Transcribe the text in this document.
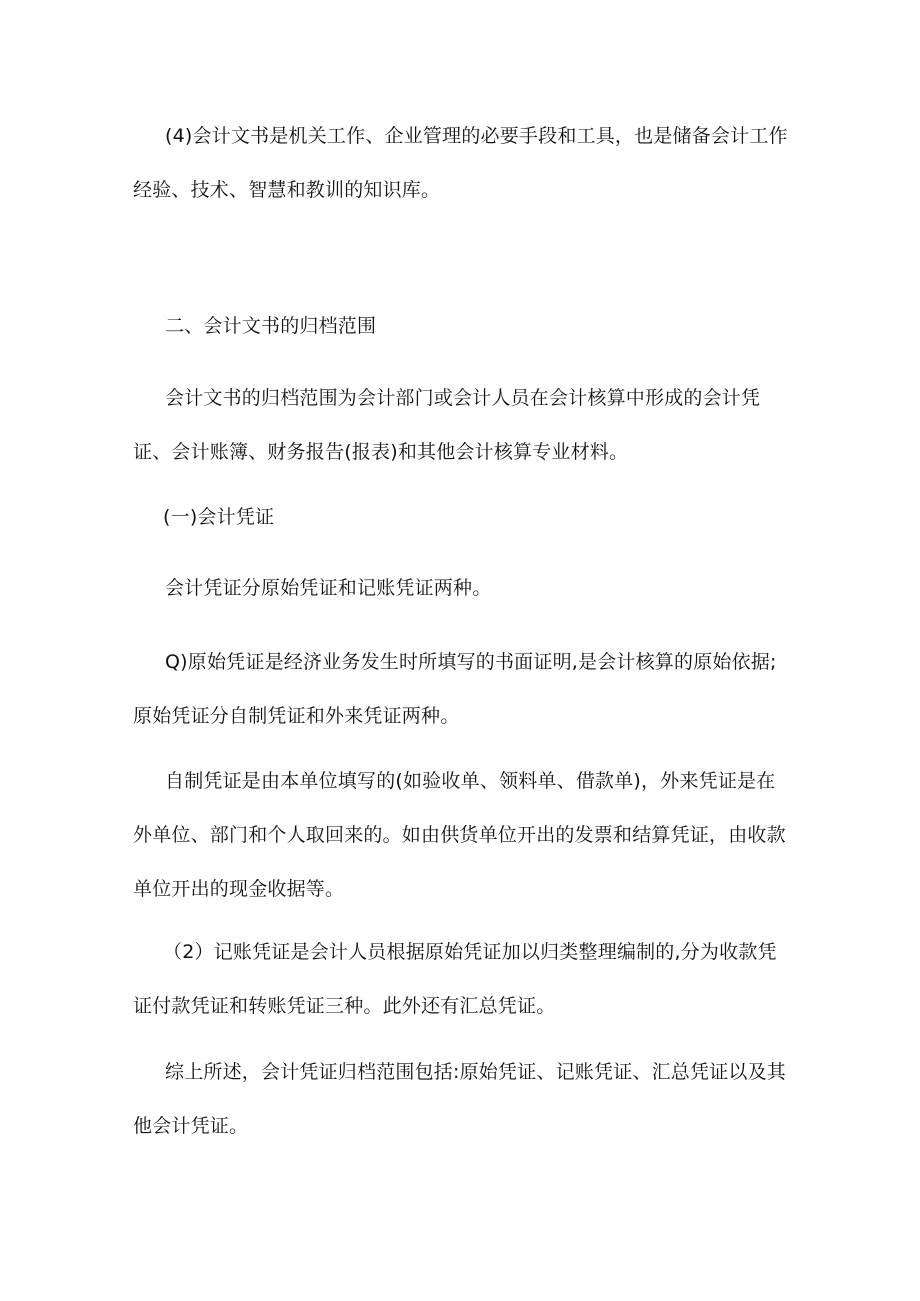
(4)会计文书是机关工作、企业管理的必要手段和工具，也是储备会计工作经验、技术、智慧和教训的知识库。

二、会计文书的归档范围

会计文书的归档范围为会计部门或会计人员在会计核算中形成的会计凭证、会计账簿、财务报告(报表)和其他会计核算专业材料。

(一)会计凭证

会计凭证分原始凭证和记账凭证两种。

Q)原始凭证是经济业务发生时所填写的书面证明,是会计核算的原始依据;原始凭证分自制凭证和外来凭证两种。

自制凭证是由本单位填写的(如验收单、领料单、借款单)，外来凭证是在外单位、部门和个人取回来的。如由供货单位开出的发票和结算凭证，由收款单位开出的现金收据等。

（2）记账凭证是会计人员根据原始凭证加以归类整理编制的,分为收款凭证付款凭证和转账凭证三种。此外还有汇总凭证。

综上所述，会计凭证归档范围包括:原始凭证、记账凭证、汇总凭证以及其他会计凭证。
